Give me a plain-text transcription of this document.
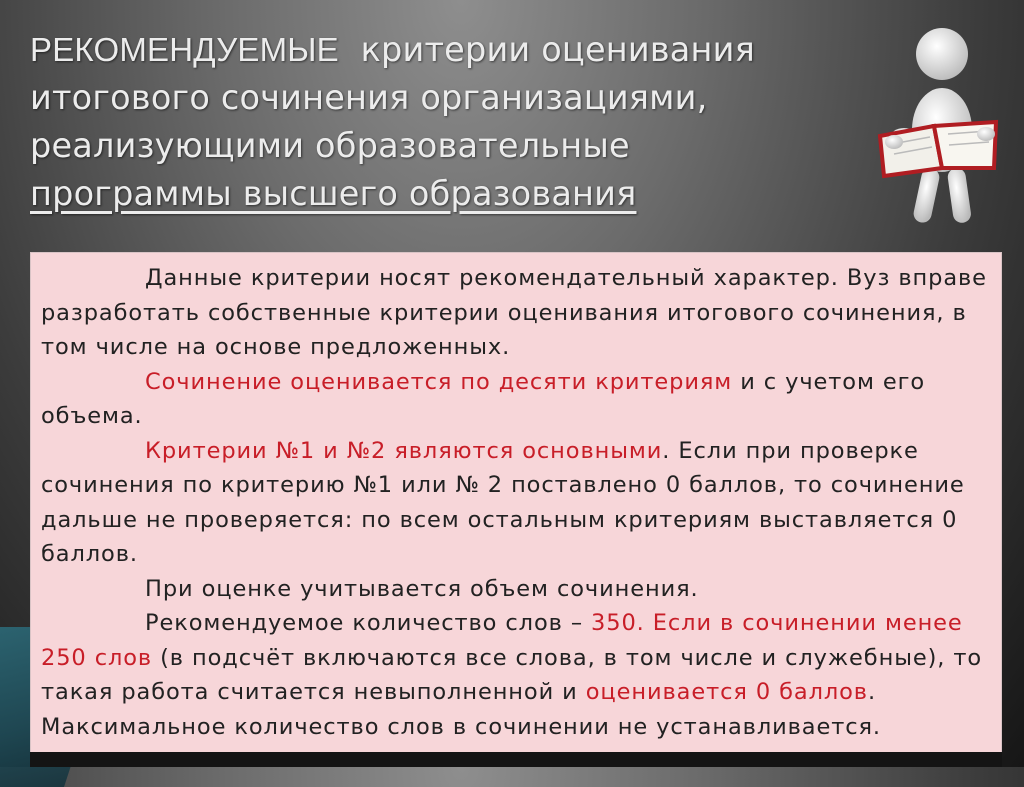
РЕКОМЕНДУЕМЫЕ  критерии оценивания
итогового сочинения организациями,
реализующими образовательные
программы высшего образования

Данные критерии носят рекомендательный характер. Вуз вправе разработать собственные критерии оценивания итогового сочинения, в том числе на основе предложенных.

Сочинение оценивается по десяти критериям и с учетом его объема.

Критерии №1 и №2 являются основными. Если при проверке сочинения по критерию №1 или № 2 поставлено 0 баллов, то сочинение дальше не проверяется: по всем остальным критериям выставляется 0 баллов.

При оценке учитывается объем сочинения.

Рекомендуемое количество слов – 350. Если в сочинении менее 250 слов (в подсчёт включаются все слова, в том числе и служебные), то такая работа считается невыполненной и оценивается 0 баллов. Максимальное количество слов в сочинении не устанавливается.
